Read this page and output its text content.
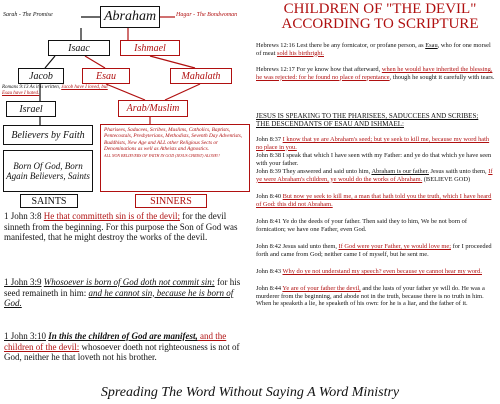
Sarah - The Promise	Abraham	Hagar - The Bondwoman
Isaac	Ishmael
Jacob	Esau	Mahalath
Romans 9:13 As it is written, Jacob have I loved, but Esau have I hated.
Israel	Arab/Muslim
Believers by Faith
Born Of God, Born Again Believers, Saints
Pharisees, Saducees, Scribes, Muslims, Catholics, Baptists, Pentecostals, Presbyterians, Methodists, Seventh Day Adventists, Buddhists, New Age and ALL other Religious Sects or Denominations as well as Atheists and Agnostics.
ALL NON BELIEVERS OF FAITH IN GOD (JESUS CHRIST) ALONE!!
SAINTS	SINNERS
1 John 3:8 He that committeth sin is of the devil; for the devil sinneth from the beginning. For this purpose the Son of God was manifested, that he might destroy the works of the devil.
1 John 3:9 Whosoever is born of God doth not commit sin; for his seed remaineth in him: and he cannot sin, because he is born of God.
1 John 3:10 In this the children of God are manifest, and the children of the devil: whosoever doeth not righteousness is not of God, neither he that loveth not his brother.
CHILDREN OF "THE DEVIL" ACCORDING TO SCRIPTURE
Hebrews 12:16 Lest there be any fornicator, or profane person, as Esau, who for one morsel of meat sold his birthright.
Hebrews 12:17 For ye know how that afterward, when he would have inherited the blessing, he was rejected: for he found no place of repentance, though he sought it carefully with tears.
JESUS IS SPEAKING TO THE PHARISEES, SADUCCEES AND SCRIBES;
THE DESCENDANTS OF ESAU AND ISHMAEL:
John 8:37 I know that ye are Abraham's seed; but ye seek to kill me, because my word hath no place in you.
John 8:38 I speak that which I have seen with my Father: and ye do that which ye have seen with your father.
John 8:39 They answered and said unto him, Abraham is our father. Jesus saith unto them, If ye were Abraham's children, ye would do the works of Abraham. (BELIEVE GOD)
John 8:40 But now ye seek to kill me, a man that hath told you the truth, which I have heard of God: this did not Abraham.
John 8:41 Ye do the deeds of your father. Then said they to him, We be not born of fornication; we have one Father, even God.
John 8:42 Jesus said unto them, If God were your Father, ye would love me; for I proceeded forth and came from God; neither came I of myself, but he sent me.
John 8:43 Why do ye not understand my speech? even because ye cannot hear my word.
John 8:44 Ye are of your father the devil, and the lusts of your father ye will do. He was a murderer from the beginning, and abode not in the truth, because there is no truth in him. When he speaketh a lie, he speaketh of his own: for he is a liar, and the father of it.
Spreading The Word Without Saying A Word Ministry
